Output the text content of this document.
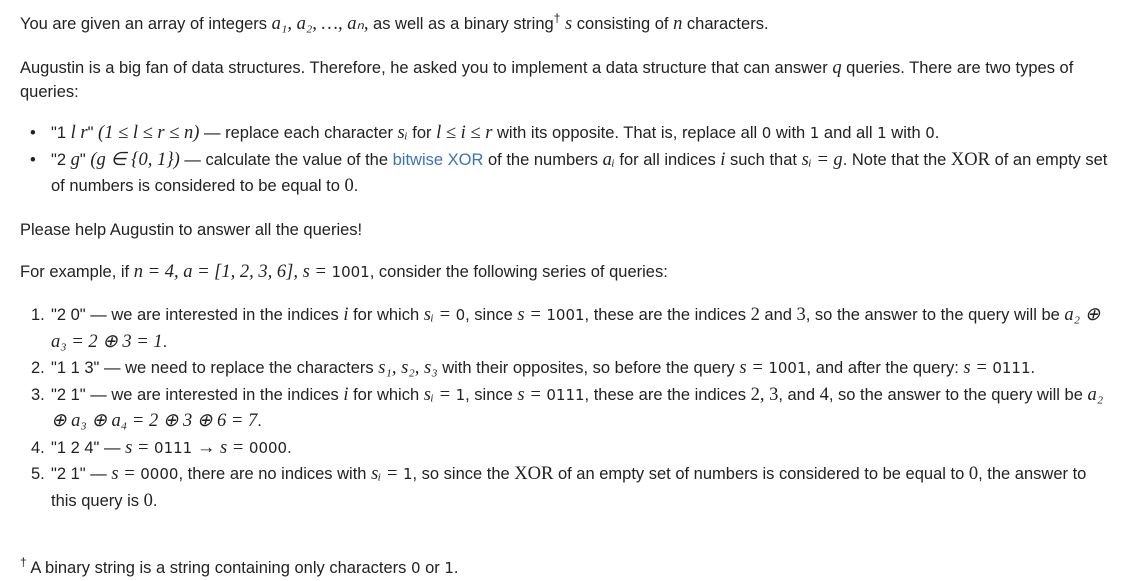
You are given an array of integers a₁, a₂, …, aₙ, as well as a binary string† s consisting of n characters.

Augustin is a big fan of data structures. Therefore, he asked you to implement a data structure that can answer q queries. There are two types of queries:

• "1 l r" (1 ≤ l ≤ r ≤ n) — replace each character sᵢ for l ≤ i ≤ r with its opposite. That is, replace all 0 with 1 and all 1 with 0.
• "2 g" (g ∈ {0, 1}) — calculate the value of the bitwise XOR of the numbers aᵢ for all indices i such that sᵢ = g. Note that the XOR of an empty set of numbers is considered to be equal to 0.

Please help Augustin to answer all the queries!

For example, if n = 4, a = [1, 2, 3, 6], s = 1001, consider the following series of queries:

1. "2 0" — we are interested in the indices i for which sᵢ = 0, since s = 1001, these are the indices 2 and 3, so the answer to the query will be a₂ ⊕ a₃ = 2 ⊕ 3 = 1.
2. "1 1 3" — we need to replace the characters s₁, s₂, s₃ with their opposites, so before the query s = 1001, and after the query: s = 0111.
3. "2 1" — we are interested in the indices i for which sᵢ = 1, since s = 0111, these are the indices 2, 3, and 4, so the answer to the query will be a₂ ⊕ a₃ ⊕ a₄ = 2 ⊕ 3 ⊕ 6 = 7.
4. "1 2 4" — s = 0111 → s = 0000.
5. "2 1" — s = 0000, there are no indices with sᵢ = 1, so since the XOR of an empty set of numbers is considered to be equal to 0, the answer to this query is 0.

† A binary string is a string containing only characters 0 or 1.
